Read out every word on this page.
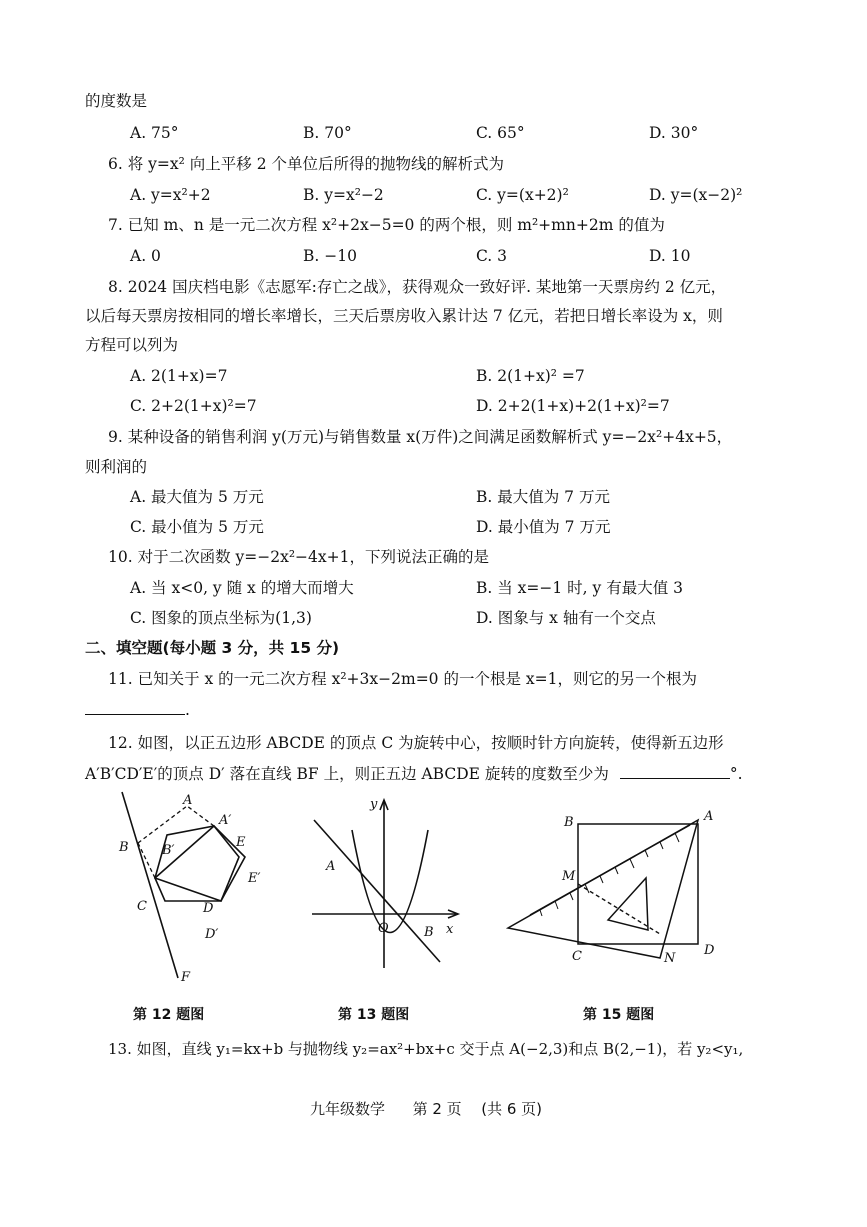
的度数是
A. 75°	B. 70°	C. 65°	D. 30°
6. 将 y=x² 向上平移 2 个单位后所得的抛物线的解析式为
A. y=x²+2	B. y=x²−2	C. y=(x+2)²	D. y=(x−2)²
7. 已知 m、n 是一元二次方程 x²+2x−5=0 的两个根，则 m²+mn+2m 的值为
A. 0	B. −10	C. 3	D. 10
8. 2024 国庆档电影《志愿军:存亡之战》，获得观众一致好评. 某地第一天票房约 2 亿元，
以后每天票房按相同的增长率增长，三天后票房收入累计达 7 亿元，若把日增长率设为 x，则
方程可以列为
A. 2(1+x)=7	B. 2(1+x)² =7
C. 2+2(1+x)²=7	D. 2+2(1+x)+2(1+x)²=7
9. 某种设备的销售利润 y(万元)与销售数量 x(万件)之间满足函数解析式 y=−2x²+4x+5，
则利润的
A. 最大值为 5 万元	B. 最大值为 7 万元
C. 最小值为 5 万元	D. 最小值为 7 万元
10. 对于二次函数 y=−2x²−4x+1，下列说法正确的是
A. 当 x<0, y 随 x 的增大而增大	B. 当 x=−1 时, y 有最大值 3
C. 图象的顶点坐标为(1,3)	D. 图象与 x 轴有一个交点
二、填空题(每小题 3 分，共 15 分)
11. 已知关于 x 的一元二次方程 x²+3x−2m=0 的一个根是 x=1，则它的另一个根为
.
12. 如图，以正五边形 ABCDE 的顶点 C 为旋转中心，按顺时针方向旋转，使得新五边形
A′B′CD′E′的顶点 D′ 落在直线 BF 上，则正五边 ABCDE 旋转的度数至少为	°.
A
A′
B	B′
E
E′
C	D
D′
F
y
A
O	B x
B	A
M
C	N
D
第 12 题图	第 13 题图	第 15 题图
13. 如图，直线 y₁=kx+b 与抛物线 y₂=ax²+bx+c 交于点 A(−2,3)和点 B(2,−1)，若 y₂<y₁,
九年级数学 第 2 页 (共 6 页)
